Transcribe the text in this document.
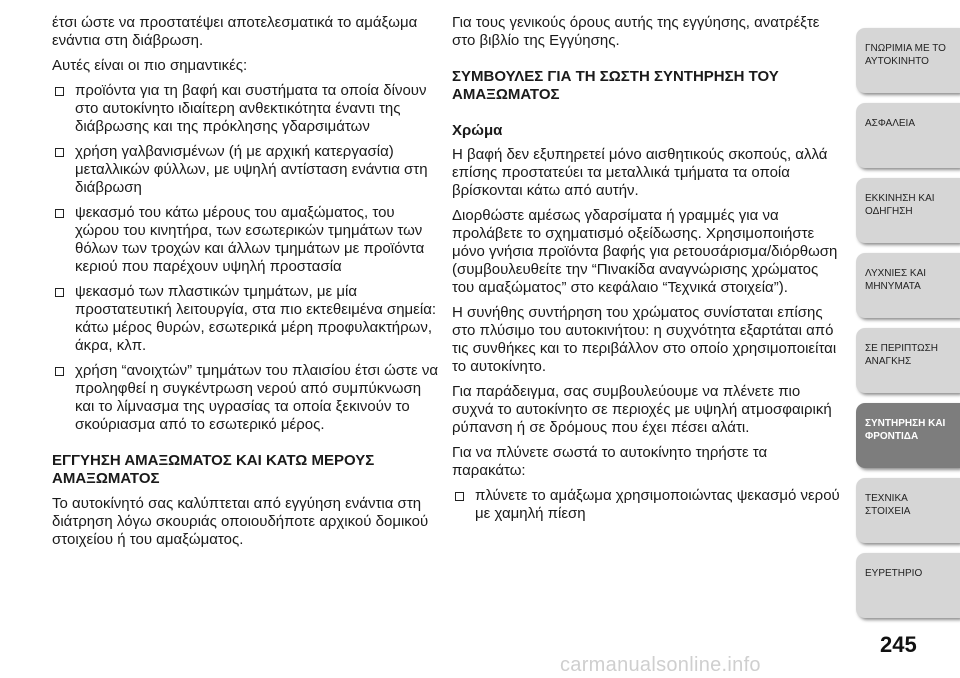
έτσι ώστε να προστατέψει αποτελεσματικά το αμάξωμα ενάντια στη διάβρωση.

Αυτές είναι οι πιο σημαντικές:

προϊόντα για τη βαφή και συστήματα τα οποία δίνουν στο αυτοκίνητο ιδιαίτερη ανθεκτικότητα έναντι της διάβρωσης και της πρόκλησης γδαρσιμάτων
χρήση γαλβανισμένων (ή με αρχική κατεργασία) μεταλλικών φύλλων, με υψηλή αντίσταση ενάντια στη διάβρωση
ψεκασμό του κάτω μέρους του αμαξώματος, του χώρου του κινητήρα, των εσωτερικών τμημάτων των θόλων των τροχών και άλλων τμημάτων με προϊόντα κεριού που παρέχουν υψηλή προστασία
ψεκασμό των πλαστικών τμημάτων, με μία προστατευτική λειτουργία, στα πιο εκτεθειμένα σημεία: κάτω μέρος θυρών, εσωτερικά μέρη προφυλακτήρων, άκρα, κλπ.
χρήση “ανοιχτών” τμημάτων του πλαισίου έτσι ώστε να προληφθεί η συγκέντρωση νερού από συμπύκνωση και το λίμνασμα της υγρασίας τα οποία ξεκινούν το σκούριασμα από το εσωτερικό μέρος.
ΕΓΓΥΗΣΗ ΑΜΑΞΩΜΑΤΟΣ ΚΑΙ ΚΑΤΩ ΜΕΡΟΥΣ ΑΜΑΞΩΜΑΤΟΣ

Το αυτοκίνητό σας καλύπτεται από εγγύηση ενάντια στη διάτρηση λόγω σκουριάς οποιουδήποτε αρχικού δομικού στοιχείου ή του αμαξώματος.

Για τους γενικούς όρους αυτής της εγγύησης, ανατρέξτε στο βιβλίο της Εγγύησης.

ΣΥΜΒΟΥΛΕΣ ΓΙΑ ΤΗ ΣΩΣΤΗ ΣΥΝΤΗΡΗΣΗ ΤΟΥ ΑΜΑΞΩΜΑΤΟΣ
Χρώμα

Η βαφή δεν εξυπηρετεί μόνο αισθητικούς σκοπούς, αλλά επίσης προστατεύει τα μεταλλικά τμήματα τα οποία βρίσκονται κάτω από αυτήν.

Διορθώστε αμέσως γδαρσίματα ή γραμμές για να προλάβετε το σχηματισμό οξείδωσης. Χρησιμοποιήστε μόνο γνήσια προϊόντα βαφής για ρετουσάρισμα/διόρθωση (συμβουλευθείτε την “Πινακίδα αναγνώρισης χρώματος του αμαξώματος” στο κεφάλαιο “Τεχνικά στοιχεία”).

Η συνήθης συντήρηση του χρώματος συνίσταται επίσης στο πλύσιμο του αυτοκινήτου: η συχνότητα εξαρτάται από τις συνθήκες και το περιβάλλον στο οποίο χρησιμοποιείται το αυτοκίνητο.

Για παράδειγμα, σας συμβουλεύουμε να πλένετε πιο συχνά το αυτοκίνητο σε περιοχές με υψηλή ατμοσφαιρική ρύπανση ή σε δρόμους που έχει πέσει αλάτι.

Για να πλύνετε σωστά το αυτοκίνητο τηρήστε τα παρακάτω:

πλύνετε το αμάξωμα χρησιμοποιώντας ψεκασμό νερού με χαμηλή πίεση
ΓΝΩΡΙΜΙΑ ΜΕ ΤΟ ΑΥΤΟΚΙΝΗΤΟ
ΑΣΦΑΛΕΙΑ
ΕΚΚΙΝΗΣΗ ΚΑΙ ΟΔΗΓΗΣΗ
ΛΥΧΝΙΕΣ ΚΑΙ ΜΗΝΥΜΑΤΑ
ΣΕ ΠΕΡΙΠΤΩΣΗ ΑΝΑΓΚΗΣ
ΣΥΝΤΗΡΗΣΗ ΚΑΙ ΦΡΟΝΤΙΔΑ
ΤΕΧΝΙΚΑ ΣΤΟΙΧΕΙΑ
ΕΥΡΕΤΗΡΙΟ
245
carmanualsonline.info
